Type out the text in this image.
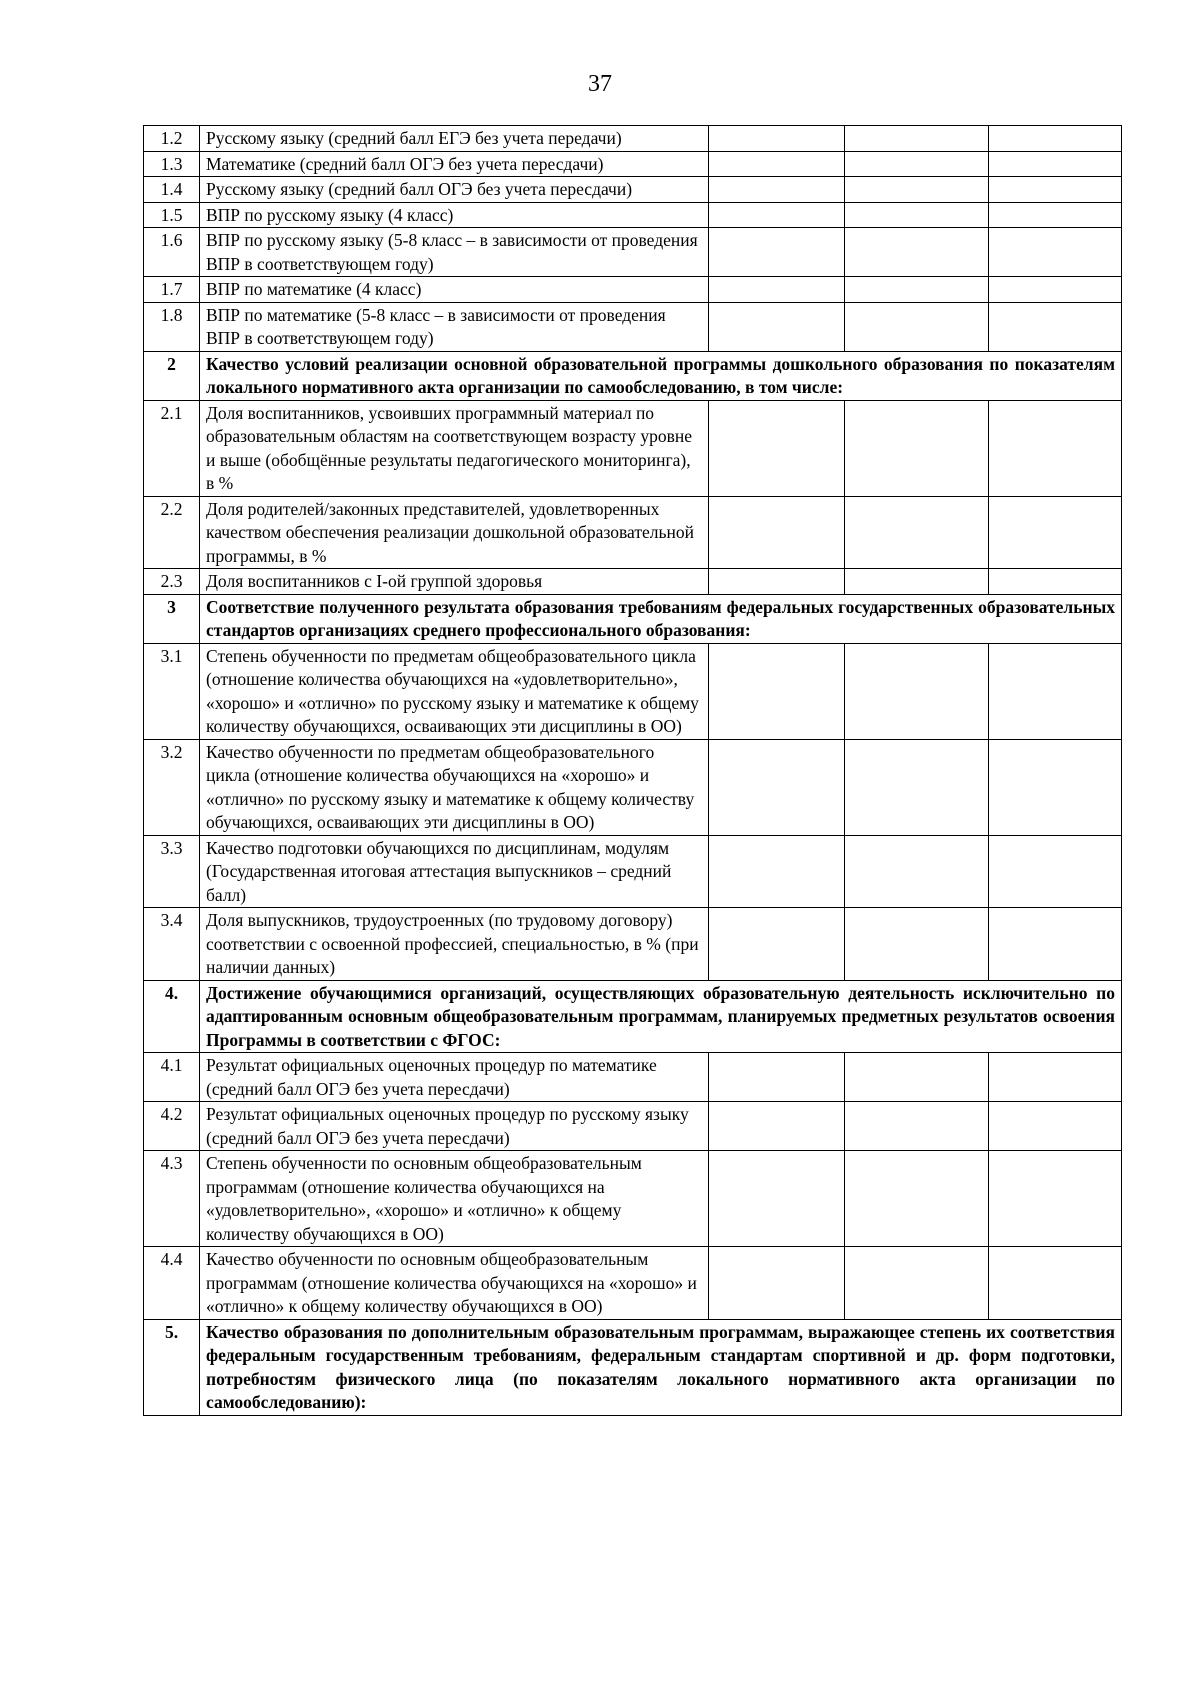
37
1.2	Русскому языку (средний балл ЕГЭ без учета передачи)			
1.3	Математике (средний балл ОГЭ без учета пересдачи)			
1.4	Русскому языку (средний балл ОГЭ без учета пересдачи)			
1.5	ВПР по русскому языку (4 класс)			
1.6	ВПР по русскому языку (5-8 класс – в зависимости от проведения ВПР в соответствующем году)			
1.7	ВПР по математике (4 класс)			
1.8	ВПР по математике (5-8 класс – в зависимости от проведения ВПР в соответствующем году)			
2	Качество условий реализации основной образовательной программы дошкольного образования по показателям локального нормативного акта организации по самообследованию, в том числе:			
2.1	Доля воспитанников, усвоивших программный материал по образовательным областям на соответствующем возрасту уровне и выше (обобщённые результаты педагогического мониторинга), в %			
2.2	Доля родителей/законных представителей, удовлетворенных качеством обеспечения реализации дошкольной образовательной программы, в %			
2.3	Доля воспитанников с I-ой группой здоровья			
3	Соответствие полученного результата образования требованиям федеральных государственных образовательных стандартов организациях среднего профессионального образования:			
3.1	Степень обученности по предметам общеобразовательного цикла (отношение количества обучающихся на «удовлетворительно», «хорошо» и «отлично» по русскому языку и математике к общему количеству обучающихся, осваивающих эти дисциплины в ОО)			
3.2	Качество обученности по предметам общеобразовательного цикла (отношение количества обучающихся на «хорошо» и «отлично» по русскому языку и математике к общему количеству обучающихся, осваивающих эти дисциплины в ОО)			
3.3	Качество подготовки обучающихся по дисциплинам, модулям (Государственная итоговая аттестация выпускников – средний балл)			
3.4	Доля выпускников, трудоустроенных (по трудовому договору) соответствии с освоенной профессией, специальностью, в % (при наличии данных)			
4.	Достижение обучающимися организаций, осуществляющих образовательную деятельность исключительно по адаптированным основным общеобразовательным программам, планируемых предметных результатов освоения Программы в соответствии с ФГОС:			
4.1	Результат официальных оценочных процедур по математике (средний балл ОГЭ без учета пересдачи)			
4.2	Результат официальных оценочных процедур по русскому языку (средний балл ОГЭ без учета пересдачи)			
4.3	Степень обученности по основным общеобразовательным программам (отношение количества обучающихся на «удовлетворительно», «хорошо» и «отлично» к общему количеству обучающихся в ОО)			
4.4	Качество обученности по основным общеобразовательным программам (отношение количества обучающихся на «хорошо» и «отлично» к общему количеству обучающихся в ОО)			
5.	Качество образования по дополнительным образовательным программам, выражающее степень их соответствия федеральным государственным требованиям, федеральным стандартам спортивной и др. форм подготовки, потребностям физического лица (по показателям локального нормативного акта организации по самообследованию):			
